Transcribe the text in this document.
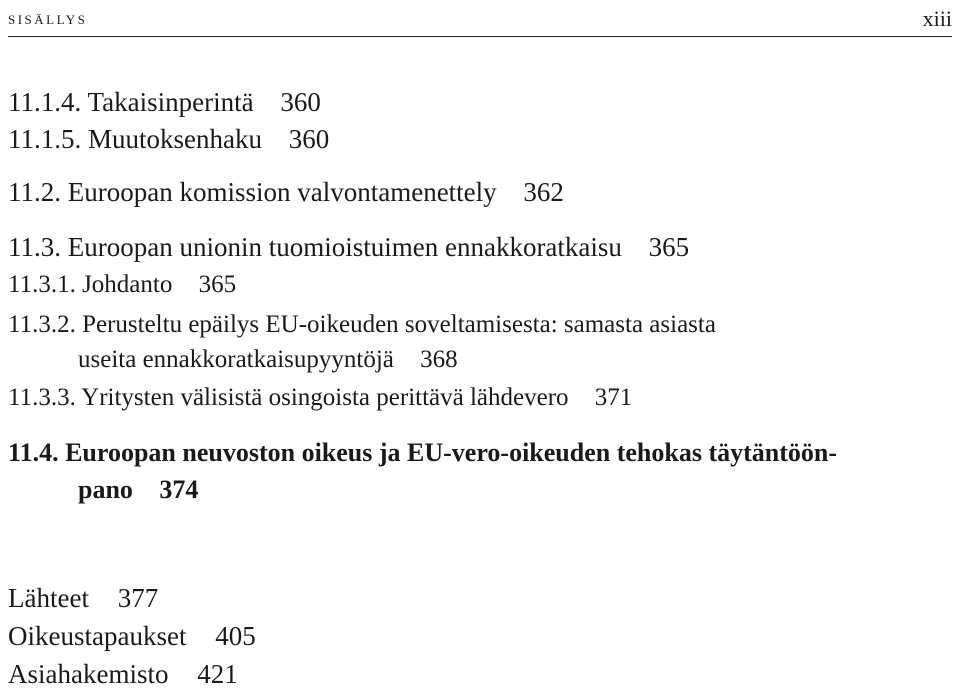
sisällys	xiii
11.1.4. Takaisinperintä 360
11.1.5. Muutoksenhaku 360
11.2. Euroopan komission valvontamenettely 362
11.3. Euroopan unionin tuomioistuimen ennakkoratkaisu 365
11.3.1. Johdanto 365
11.3.2. Perusteltu epäilys EU-oikeuden soveltamisesta: samasta asiasta
useita ennakkoratkaisupyyntöjä 368
11.3.3. Yritysten välisistä osingoista perittävä lähdevero 371
11.4. Euroopan neuvoston oikeus ja EU-vero-oikeuden tehokas täytäntöön-
pano 374
Lähteet 377
Oikeustapaukset 405
Asiahakemisto 421
